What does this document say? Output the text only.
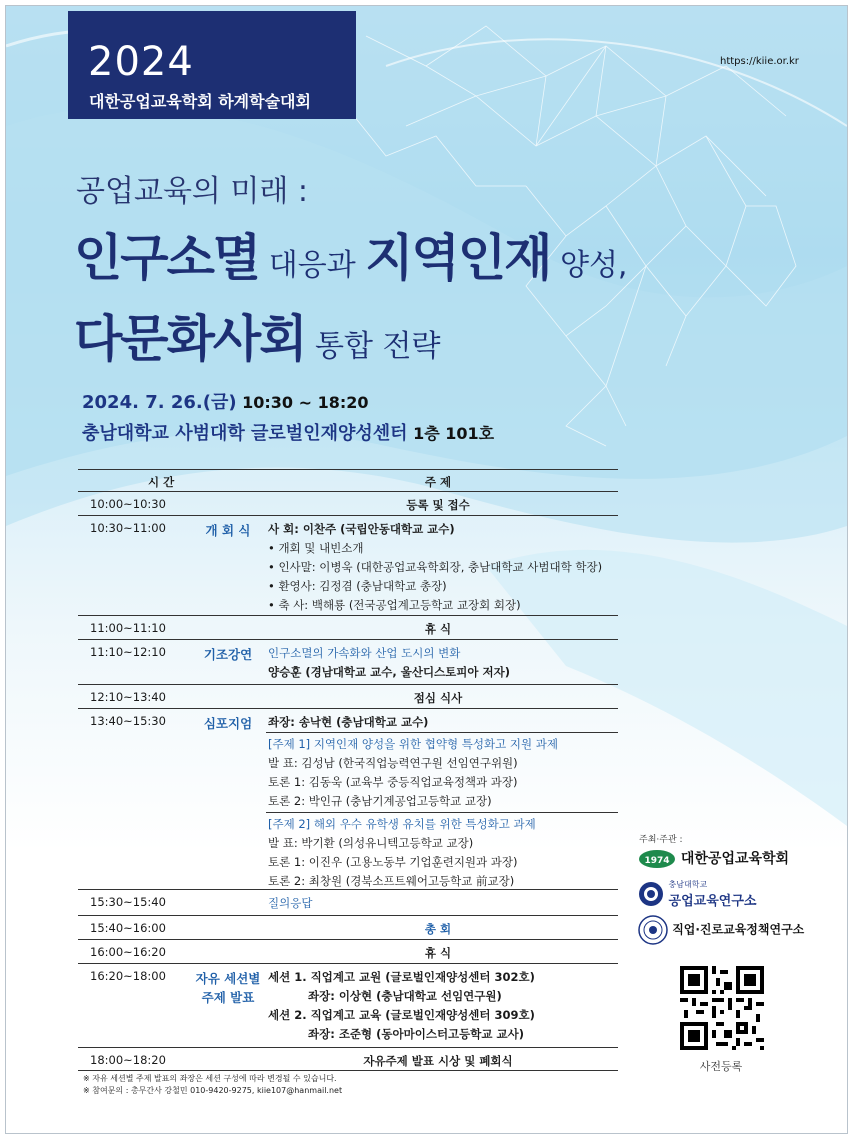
2024
대한공업교육학회 하계학술대회
https://kiie.or.kr
공업교육의 미래 :
인구소멸 대응과 지역인재 양성,
다문화사회 통합 전략
2024. 7. 26.(금) 10:30 ~ 18:20
충남대학교 사범대학 글로벌인재양성센터 1층 101호
시 간	주 제
10:00~10:30	등록 및 접수
10:30~11:00	개 회 식	사 회: 이찬주 (국립안동대학교 교수)
• 개회 및 내빈소개
• 인사말: 이병욱 (대한공업교육학회장, 충남대학교 사범대학 학장)
• 환영사: 김정겸 (충남대학교 총장)
• 축 사: 백해룡 (전국공업계고등학교 교장회 회장)
11:00~11:10	휴 식
11:10~12:10	기조강연	인구소멸의 가속화와 산업 도시의 변화
양승훈 (경남대학교 교수, 울산디스토피아 저자)
12:10~13:40	점심 식사
13:40~15:30	심포지엄	좌장: 송낙현 (충남대학교 교수)
[주제 1] 지역인재 양성을 위한 협약형 특성화고 지원 과제
발 표: 김성남 (한국직업능력연구원 선임연구위원)
토론 1: 김동욱 (교육부 중등직업교육정책과 과장)
토론 2: 박인규 (충남기계공업고등학교 교장)
[주제 2] 해외 우수 유학생 유치를 위한 특성화고 과제
발 표: 박기환 (의성유니텍고등학교 교장)
토론 1: 이진우 (고용노동부 기업훈련지원과 과장)
토론 2: 최창원 (경북소프트웨어고등학교 前교장)
15:30~15:40	질의응답
15:40~16:00	총 회
16:00~16:20	휴 식
16:20~18:00	자유 세션별
주제 발표
세션 1. 직업계고 교원 (글로벌인재양성센터 302호)
좌장: 이상현 (충남대학교 선임연구원)
세션 2. 직업계고 교육 (글로벌인재양성센터 309호)
좌장: 조준형 (동아마이스터고등학교 교사)
18:00~18:20	자유주제 발표 시상 및 폐회식
※ 자유 세션별 주제 발표의 좌장은 세션 구성에 따라 변경될 수 있습니다.
※ 참여문의 : 총무간사 강철민 010-9420-9275, kiie107@hanmail.net
주최·주관 :
1974 대한공업교육학회

충남대학교
공업교육연구소
직업·진로교육정책연구소
사전등록
